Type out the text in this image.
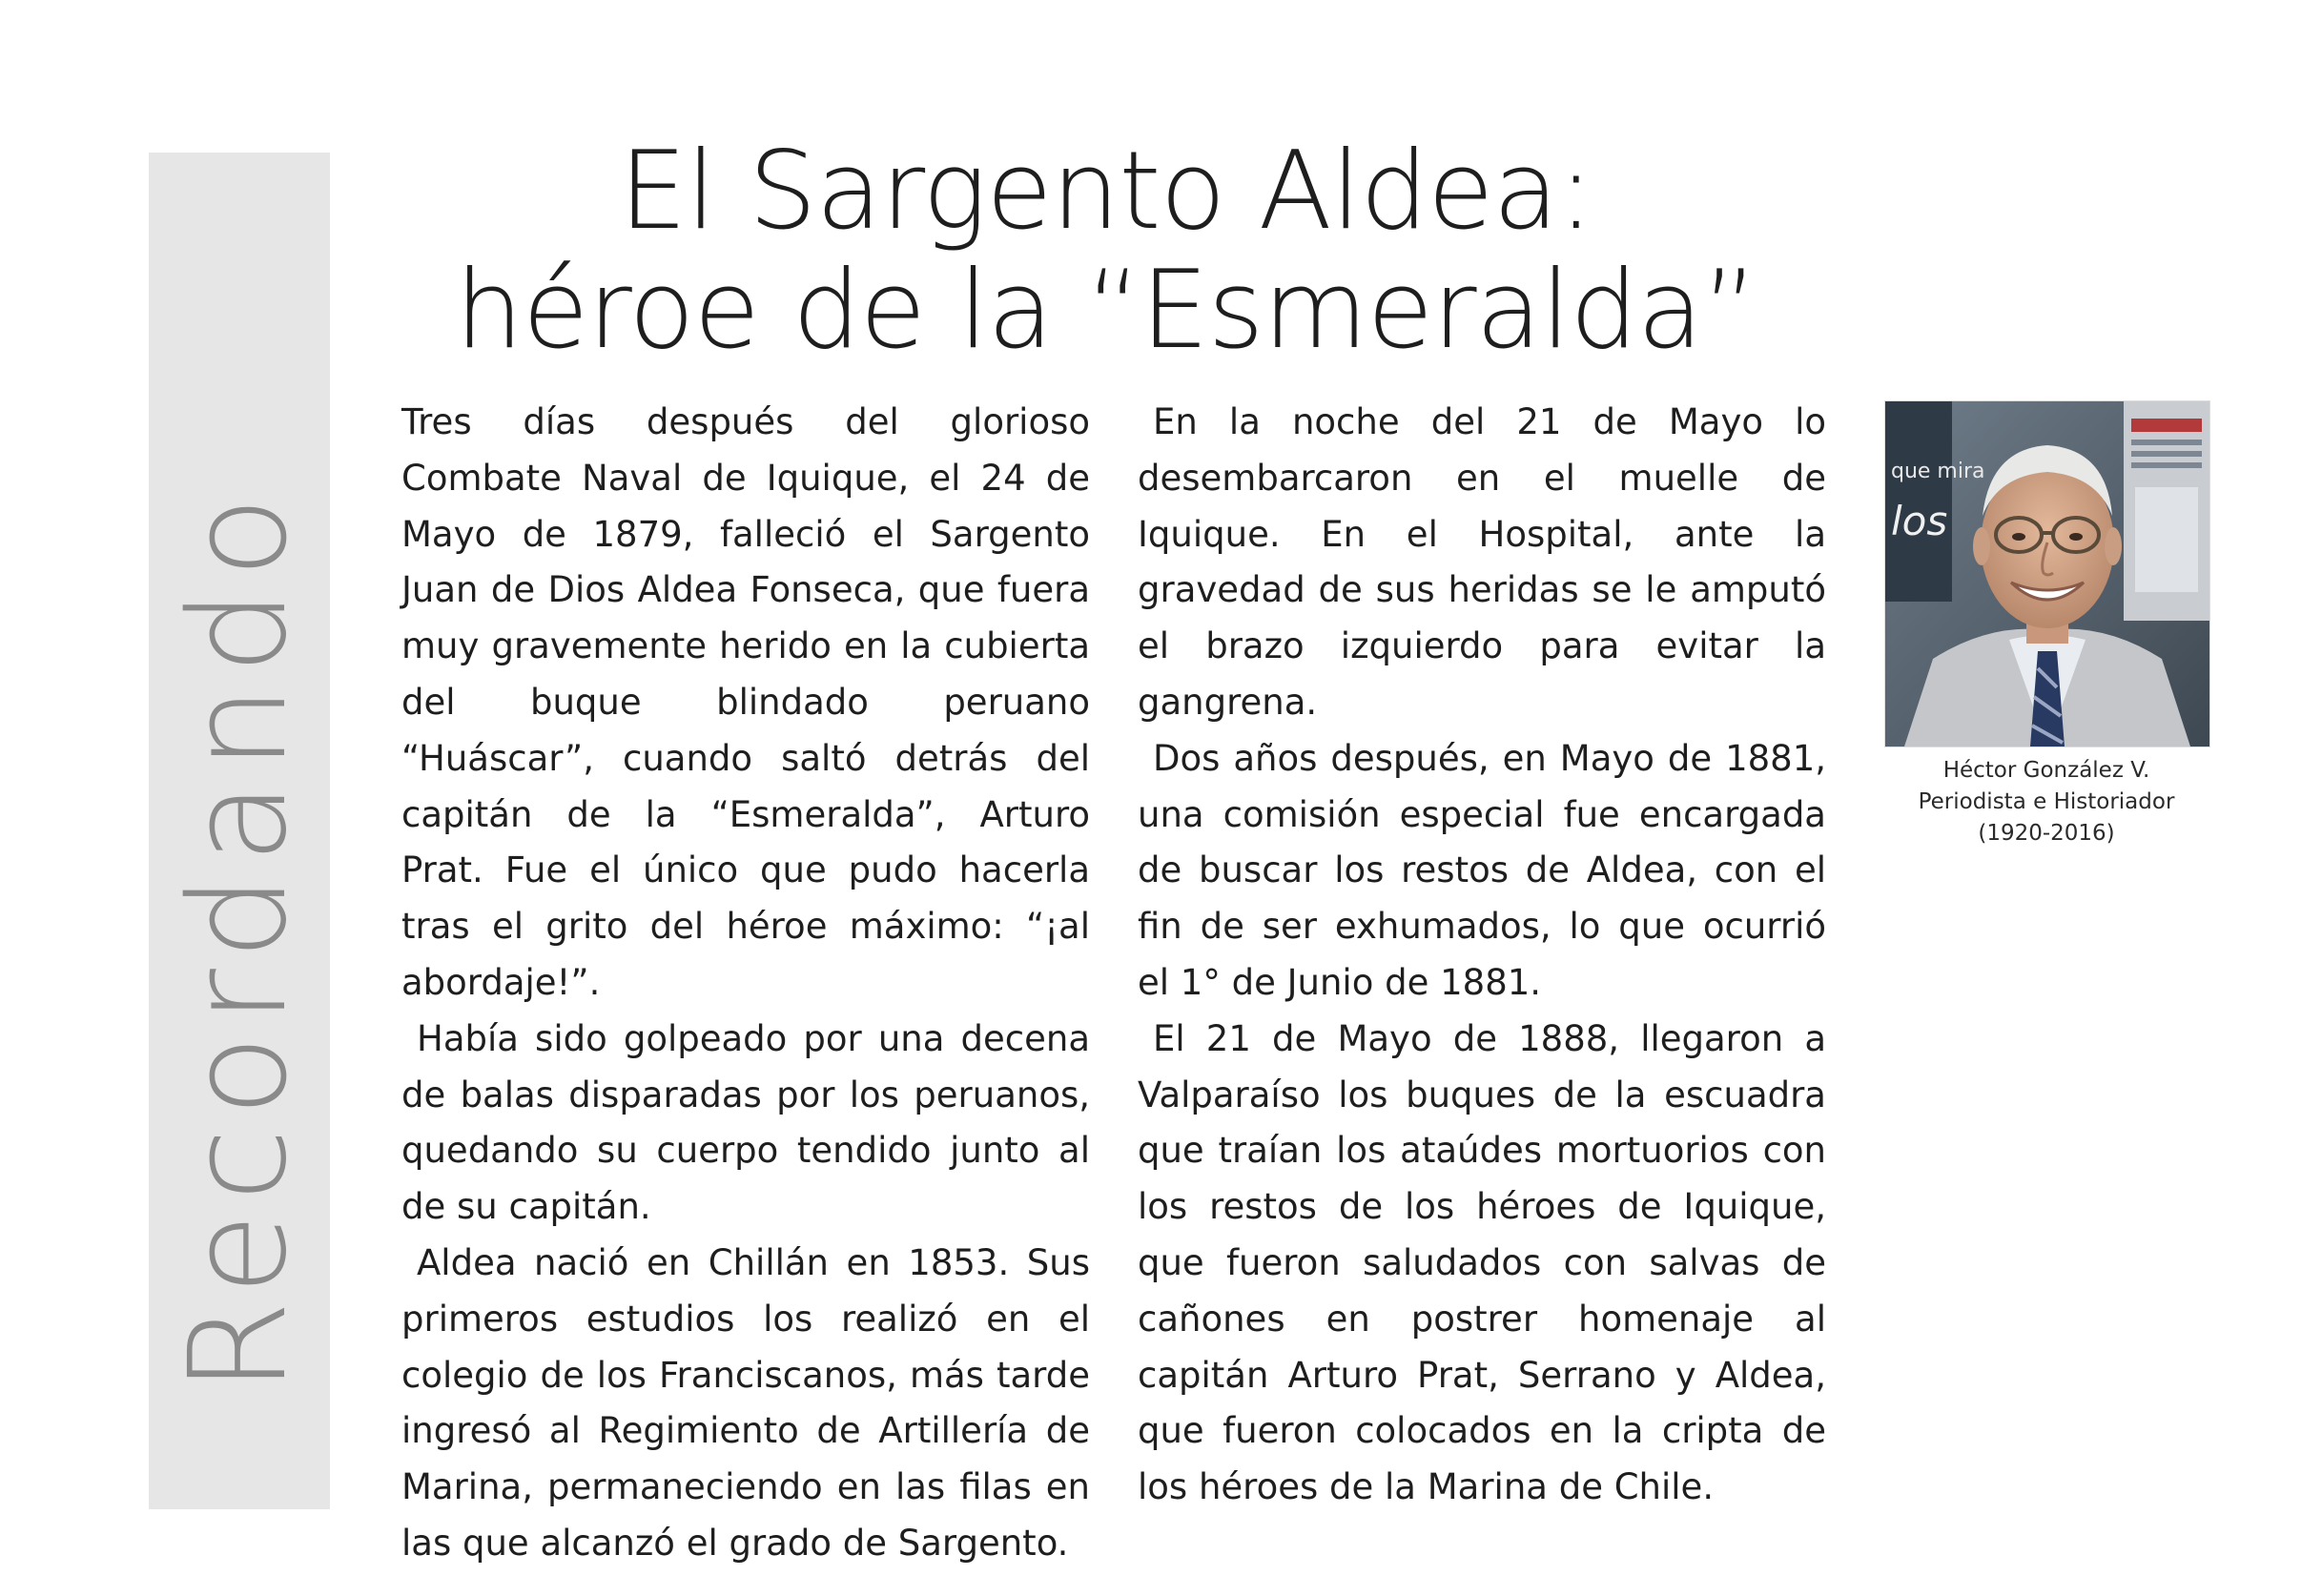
Recordando
El Sargento Aldea:
héroe de la “Esmeralda”

Tres días después del glorioso Combate Naval de Iquique, el 24 de Mayo de 1879, falleció el Sargento Juan de Dios Aldea Fonseca, que fuera muy gravemente herido en la cubierta del buque blindado peruano “Huáscar”, cuando saltó detrás del capitán de la “Esmeralda”, Arturo Prat. Fue el único que pudo hacerla tras el grito del héroe máximo: “¡al abordaje!”.

Había sido golpeado por una decena de balas disparadas por los peruanos, quedando su cuerpo tendido junto al de su capitán.

Aldea nació en Chillán en 1853. Sus primeros estudios los realizó en el colegio de los Franciscanos, más tarde ingresó al Regimiento de Artillería de Marina, permaneciendo en las filas en las que alcanzó el grado de Sargento.

En la noche del 21 de Mayo lo desembarcaron en el muelle de Iquique. En el Hospital, ante la gravedad de sus heridas se le amputó el brazo izquierdo para evitar la gangrena.

Dos años después, en Mayo de 1881, una comisión especial fue encargada de buscar los restos de Aldea, con el fin de ser exhumados, lo que ocurrió el 1° de Junio de 1881.

El 21 de Mayo de 1888, llegaron a Valparaíso los buques de la escuadra que traían los ataúdes mortuorios con los restos de los héroes de Iquique, que fueron saludados con salvas de cañones en postrer homenaje al capitán Arturo Prat, Serrano y Aldea, que fueron colocados en la cripta de los héroes de la Marina de Chile.

que mira
los
Héctor González V.
Periodista e Historiador
(1920-2016)
